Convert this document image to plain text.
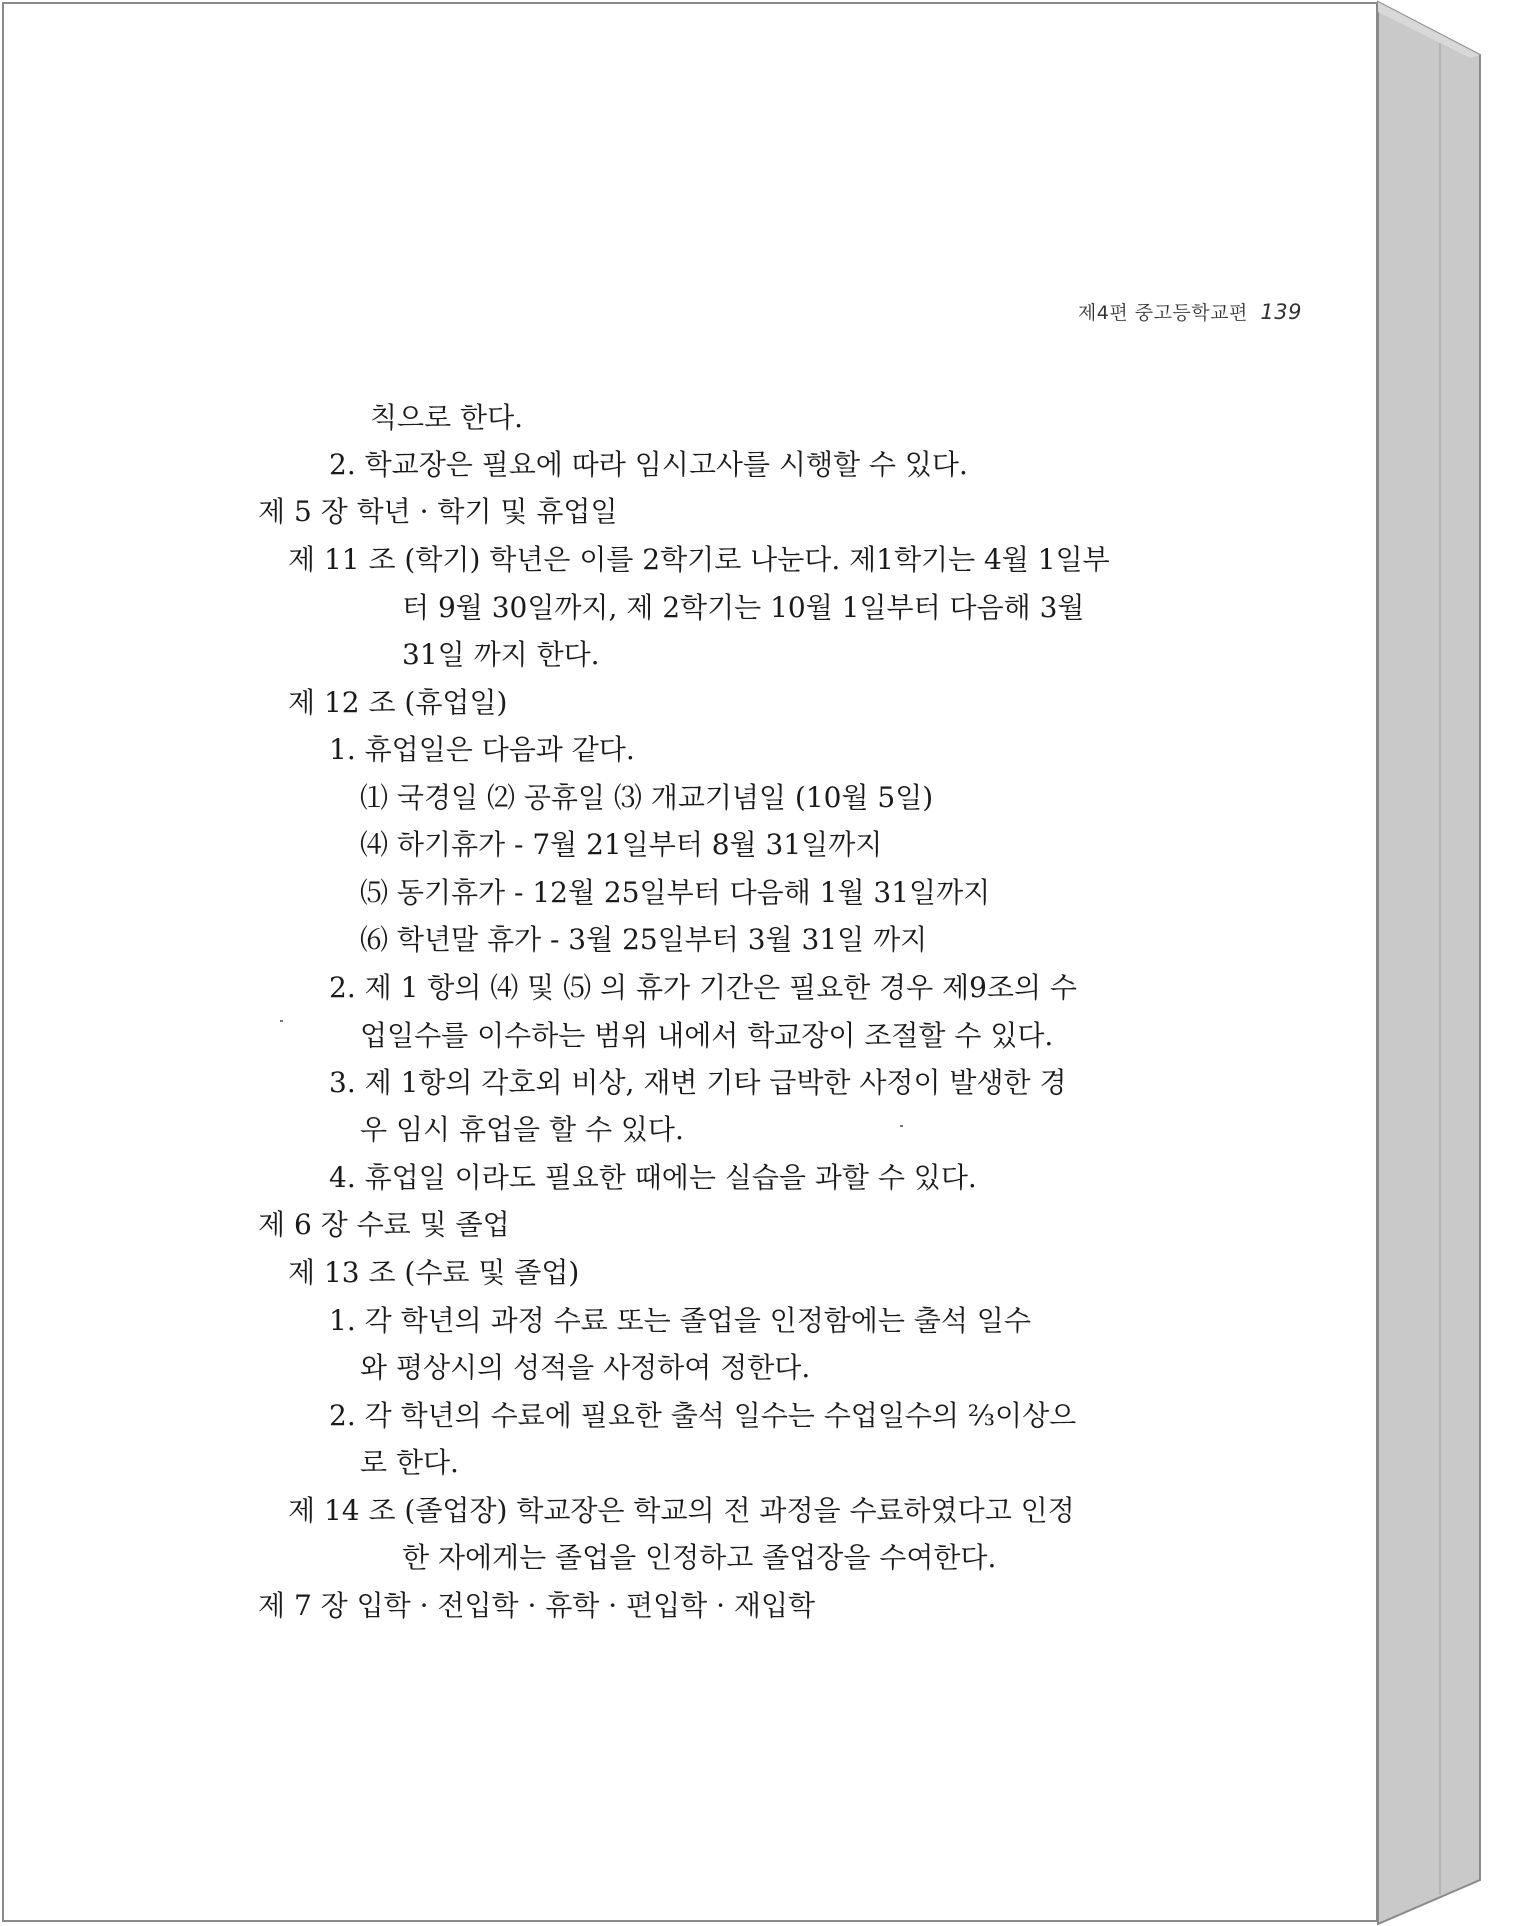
제4편 중고등학교편 139
칙으로 한다.
2. 학교장은 필요에 따라 임시고사를 시행할 수 있다.
제 5 장 학년 · 학기 및 휴업일
제 11 조 (학기) 학년은 이를 2학기로 나눈다. 제1학기는 4월 1일부
터 9월 30일까지, 제 2학기는 10월 1일부터 다음해 3월
31일 까지 한다.
제 12 조 (휴업일)
1. 휴업일은 다음과 같다.
⑴ 국경일 ⑵ 공휴일 ⑶ 개교기념일 (10월 5일)
⑷ 하기휴가 - 7월 21일부터 8월 31일까지
⑸ 동기휴가 - 12월 25일부터 다음해 1월 31일까지
⑹ 학년말 휴가 - 3월 25일부터 3월 31일 까지
2. 제 1 항의 ⑷ 및 ⑸ 의 휴가 기간은 필요한 경우 제9조의 수
업일수를 이수하는 범위 내에서 학교장이 조절할 수 있다.
3. 제 1항의 각호외 비상, 재변 기타 급박한 사정이 발생한 경
우 임시 휴업을 할 수 있다.
4. 휴업일 이라도 필요한 때에는 실습을 과할 수 있다.
제 6 장 수료 및 졸업
제 13 조 (수료 및 졸업)
1. 각 학년의 과정 수료 또는 졸업을 인정함에는 출석 일수
와 평상시의 성적을 사정하여 정한다.
2. 각 학년의 수료에 필요한 출석 일수는 수업일수의 ⅔이상으
로 한다.
제 14 조 (졸업장) 학교장은 학교의 전 과정을 수료하였다고 인정
한 자에게는 졸업을 인정하고 졸업장을 수여한다.
제 7 장 입학 · 전입학 · 휴학 · 편입학 · 재입학
